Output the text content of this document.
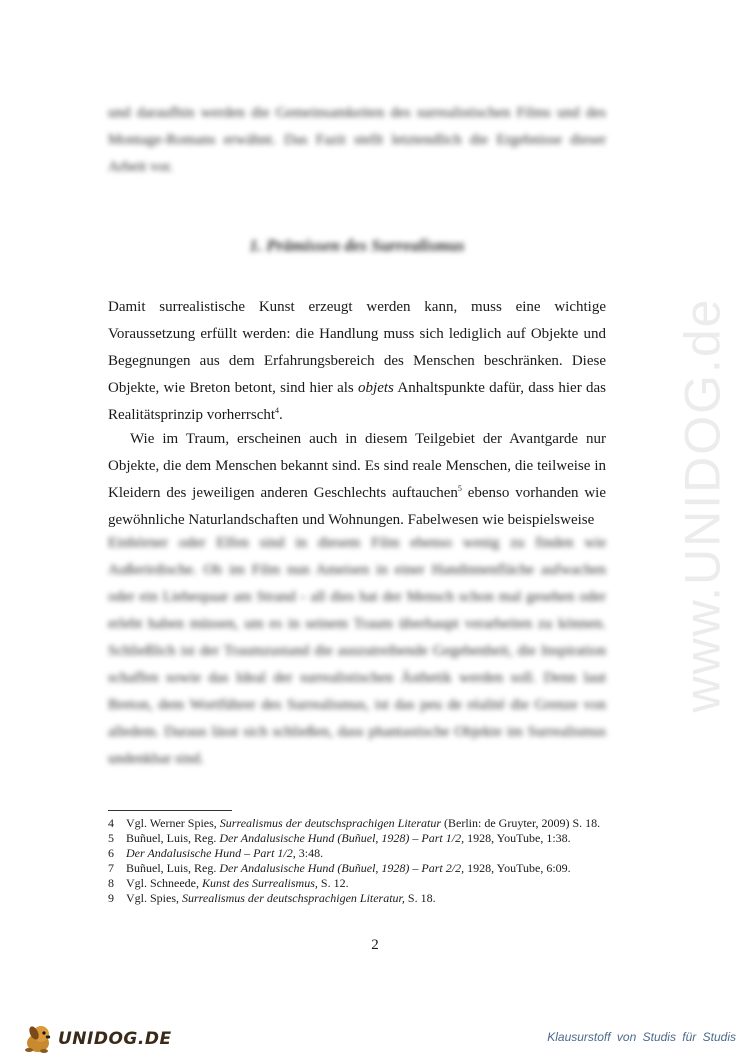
www.UNIDOG.de

und daraufhin werden die Gemeinsamkeiten des surrealistischen Films und des Montage-Romans erwähnt. Das Fazit stellt letztendlich die Ergebnisse dieser Arbeit vor.

1. Prämissen des Surrealismus

Damit surrealistische Kunst erzeugt werden kann, muss eine wichtige Voraussetzung erfüllt werden: die Handlung muss sich lediglich auf Objekte und Begegnungen aus dem Erfahrungsbereich des Menschen beschränken. Diese Objekte, wie Breton betont, sind hier als objets Anhaltspunkte dafür, dass hier das Realitätsprinzip vorherrscht$^4$.

Wie im Traum, erscheinen auch in diesem Teilgebiet der Avantgarde nur Objekte, die dem Menschen bekannt sind. Es sind reale Menschen, die teilweise in Kleidern des jeweiligen anderen Geschlechts auftauchen$^5$ ebenso vorhanden wie gewöhnliche Naturlandschaften und Wohnungen. Fabelwesen wie beispielsweise

Einhörner oder Elfen sind in diesem Film ebenso wenig zu finden wie Außerirdische. Ob im Film nun Ameisen in einer Handinnenfläche aufwachen oder ein Liebespaar am Strand - all dies hat der Mensch schon mal gesehen oder erlebt haben müssen, um es in seinem Traum überhaupt verarbeiten zu können. Schließlich ist der Traumzustand die auszutreibende Gegebenheit, die Inspiration schaffen sowie das Ideal der surrealistischen Ästhetik werden soll. Denn laut Breton, dem Wortführer des Surrealismus, ist das peu de réalité die Grenze von alledem. Daraus lässt sich schließen, dass phantastische Objekte im Surrealismus undenkbar sind.

4	Vgl. Werner Spies, Surrealismus der deutschsprachigen Literatur (Berlin: de Gruyter, 2009) S. 18.
5	Buñuel, Luis, Reg. Der Andalusische Hund (Buñuel, 1928) – Part 1/2, 1928, YouTube, 1:38.
6	Der Andalusische Hund – Part 1/2, 3:48.
7	Buñuel, Luis, Reg. Der Andalusische Hund (Buñuel, 1928) – Part 2/2, 1928, YouTube, 6:09.
8	Vgl. Schneede, Kunst des Surrealismus, S. 12.
9	Vgl. Spies, Surrealismus der deutschsprachigen Literatur, S. 18.
2
UNIDOG.DE	Klausurstoff von Studis für Studis
